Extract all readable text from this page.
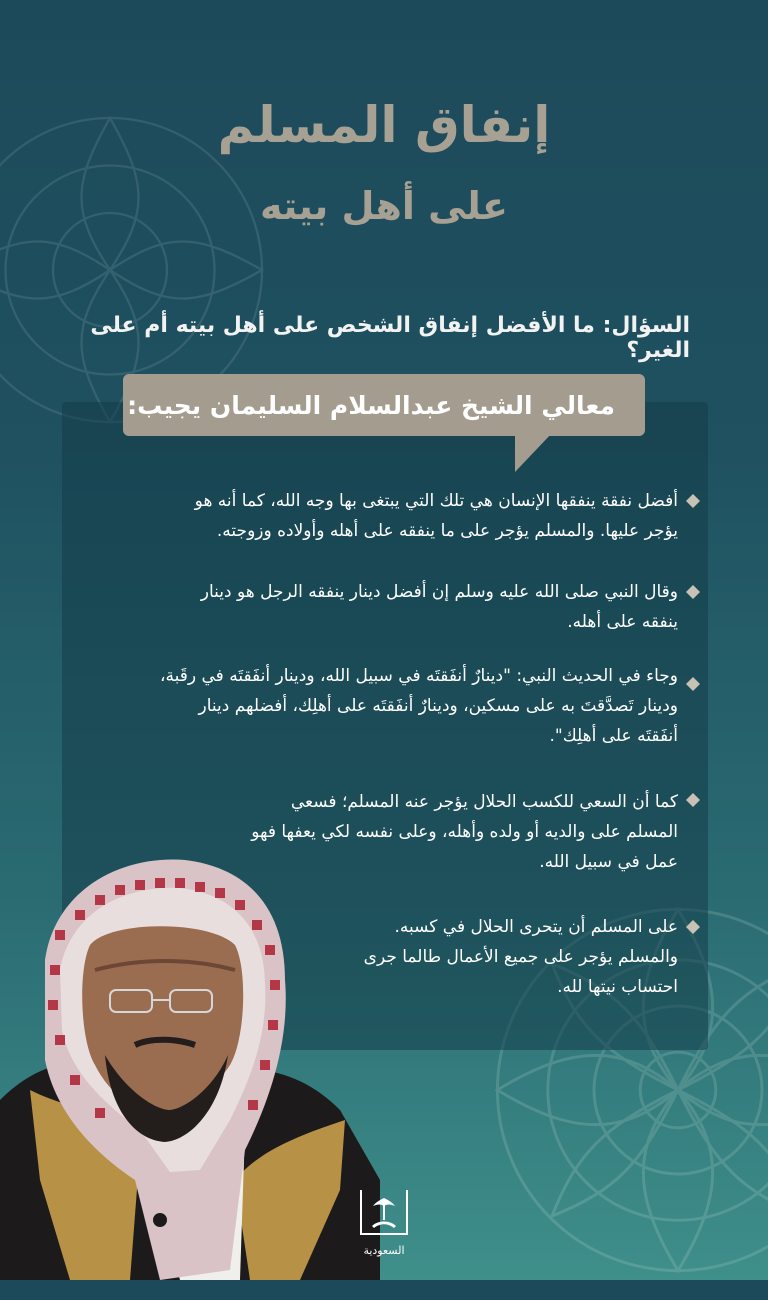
إنفاق المسلم
على أهل بيته
السؤال: ما الأفضل إنفاق الشخص على أهل بيته أم على الغير؟
معالي الشيخ عبدالسلام السليمان يجيب:
أفضل نفقة ينفقها الإنسان هي تلك التي يبتغى بها وجه الله، كما أنه هو
يؤجر عليها. والمسلم يؤجر على ما ينفقه على أهله وأولاده وزوجته.
وقال النبي صلى الله عليه وسلم إن أفضل دينار ينفقه الرجل هو دينار
ينفقه على أهله.
وجاء في الحديث النبي: "دينارٌ أنفَقتَه في سبيل الله، ودينار أنفَقتَه في رقَبة،
ودينار تَصدَّقتَ به على مسكين، ودينارٌ أنفَقتَه على أهلِك، أفضلهم دينار
أنفَقتَه على أهلِك".
كما أن السعي للكسب الحلال يؤجر عنه المسلم؛ فسعي
المسلم على والديه أو ولده وأهله، وعلى نفسه لكي يعفها فهو
عمل في سبيل الله.
على المسلم أن يتحرى الحلال في كسبه.
والمسلم يؤجر على جميع الأعمال طالما جرى
احتساب نيتها لله.
السعودية
